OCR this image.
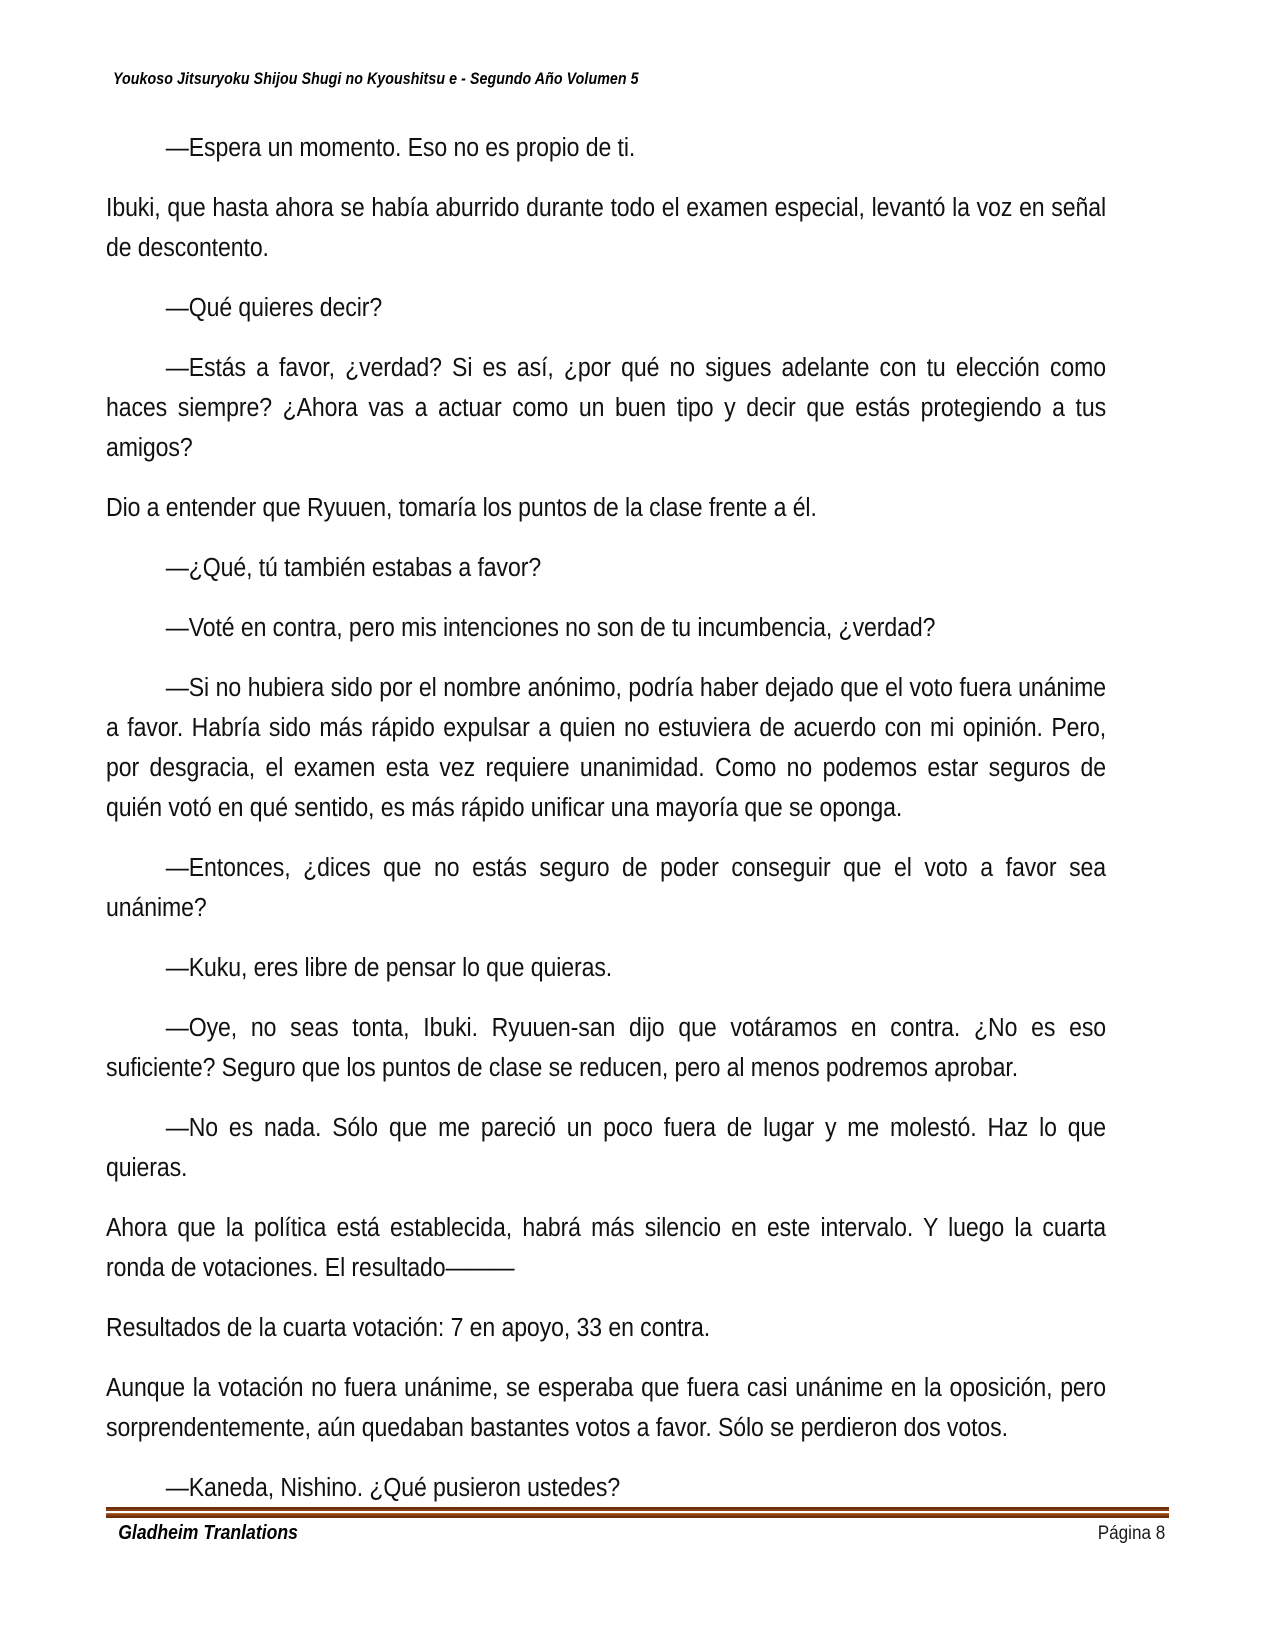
Youkoso Jitsuryoku Shijou Shugi no Kyoushitsu e - Segundo Año Volumen 5

—Espera un momento. Eso no es propio de ti.

Ibuki, que hasta ahora se había aburrido durante todo el examen especial, levantó la voz en señal de descontento.

—Qué quieres decir?

—Estás a favor, ¿verdad? Si es así, ¿por qué no sigues adelante con tu elección como haces siempre? ¿Ahora vas a actuar como un buen tipo y decir que estás protegiendo a tus amigos?

Dio a entender que Ryuuen, tomaría los puntos de la clase frente a él.

—¿Qué, tú también estabas a favor?

—Voté en contra, pero mis intenciones no son de tu incumbencia, ¿verdad?

—Si no hubiera sido por el nombre anónimo, podría haber dejado que el voto fuera unánime a favor. Habría sido más rápido expulsar a quien no estuviera de acuerdo con mi opinión. Pero, por desgracia, el examen esta vez requiere unanimidad. Como no podemos estar seguros de quién votó en qué sentido, es más rápido unificar una mayoría que se oponga.

—Entonces, ¿dices que no estás seguro de poder conseguir que el voto a favor sea unánime?

—Kuku, eres libre de pensar lo que quieras.

—Oye, no seas tonta, Ibuki. Ryuuen-san dijo que votáramos en contra. ¿No es eso suficiente? Seguro que los puntos de clase se reducen, pero al menos podremos aprobar.

—No es nada. Sólo que me pareció un poco fuera de lugar y me molestó. Haz lo que quieras.

Ahora que la política está establecida, habrá más silencio en este intervalo. Y luego la cuarta ronda de votaciones. El resultado———

Resultados de la cuarta votación: 7 en apoyo, 33 en contra.

Aunque la votación no fuera unánime, se esperaba que fuera casi unánime en la oposición, pero sorprendentemente, aún quedaban bastantes votos a favor. Sólo se perdieron dos votos.

—Kaneda, Nishino. ¿Qué pusieron ustedes?

Gladheim Tranlations	Página 8
